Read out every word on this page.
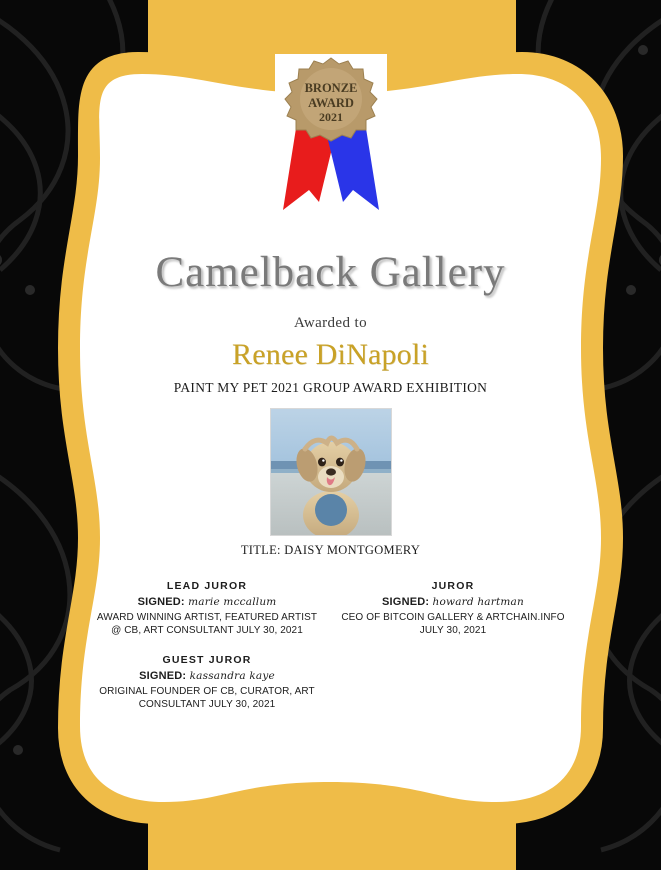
BRONZE
AWARD
2021
Camelback Gallery
Awarded to
Renee DiNapoli
PAINT MY PET 2021 GROUP AWARD EXHIBITION
TITLE: DAISY MONTGOMERY
LEAD JUROR
SIGNED: marie mccallum
AWARD WINNING ARTIST, FEATURED ARTIST @ CB, ART CONSULTANT JULY 30, 2021
JUROR
SIGNED: howard hartman
CEO OF BITCOIN GALLERY & ARTCHAIN.INFO JULY 30, 2021
GUEST JUROR
SIGNED: kassandra kaye
ORIGINAL FOUNDER OF CB, CURATOR, ART CONSULTANT JULY 30, 2021
